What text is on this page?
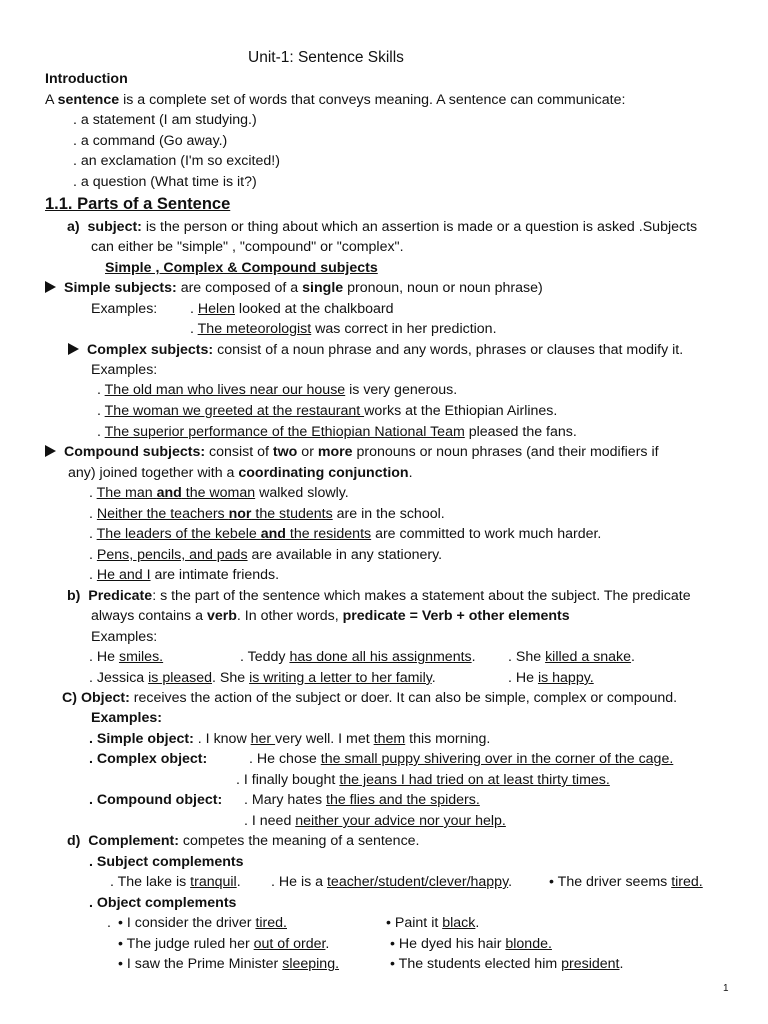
Unit-1: Sentence Skills
Introduction
A sentence is a complete set of words that conveys meaning. A sentence can communicate:
. a statement (I am studying.)
. a command (Go away.)
. an exclamation (I'm so excited!)
. a question (What time is it?)
1.1. Parts of a Sentence
a) subject: is the person or thing about which an assertion is made or a question is asked .Subjects
can either be "simple" , "compound" or "complex".
Simple , Complex & Compound subjects
Simple subjects: are composed of a single pronoun, noun or noun phrase)
Examples: . Helen looked at the chalkboard
. The meteorologist was correct in her prediction.
Complex subjects: consist of a noun phrase and any words, phrases or clauses that modify it.
Examples:
. The old man who lives near our house is very generous.
. The woman we greeted at the restaurant works at the Ethiopian Airlines.
. The superior performance of the Ethiopian National Team pleased the fans.
Compound subjects: consist of two or more pronouns or noun phrases (and their modifiers if
any) joined together with a coordinating conjunction.
. The man and the woman walked slowly.
. Neither the teachers nor the students are in the school.
. The leaders of the kebele and the residents are committed to work much harder.
. Pens, pencils, and pads are available in any stationery.
. He and I are intimate friends.
b) Predicate: s the part of the sentence which makes a statement about the subject. The predicate
always contains a verb. In other words, predicate = Verb + other elements
Examples:
. He smiles.	. Teddy has done all his assignments. . She killed a snake.
. Jessica is pleased. She is writing a letter to her family.	. He is happy.
C) Object: receives the action of the subject or doer. It can also be simple, complex or compound.
Examples:
. Simple object: . I know her very well. I met them this morning.
. Complex object:	. He chose the small puppy shivering over in the corner of the cage.
. I finally bought the jeans I had tried on at least thirty times.
. Compound object: . Mary hates the flies and the spiders.
. I need neither your advice nor your help.
d) Complement: competes the meaning of a sentence.
. Subject complements
. The lake is tranquil. . He is a teacher/student/clever/happy.	• The driver seems tired.
. Object complements
. • I consider the driver tired.	• Paint it black.
• The judge ruled her out of order.	• He dyed his hair blonde.
• I saw the Prime Minister sleeping.	• The students elected him president.
1
